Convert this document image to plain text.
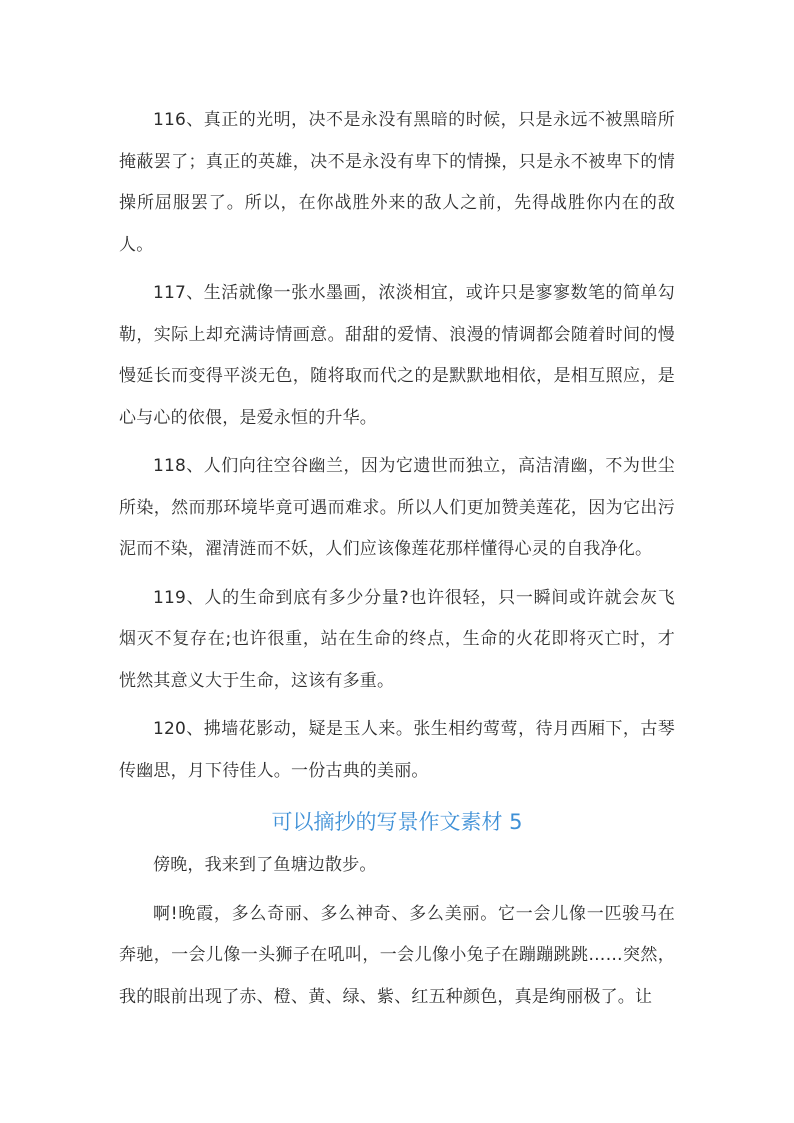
116、真正的光明，决不是永没有黑暗的时候，只是永远不被黑暗所掩蔽罢了；真正的英雄，决不是永没有卑下的情操，只是永不被卑下的情操所屈服罢了。所以，在你战胜外来的敌人之前，先得战胜你内在的敌人。

117、生活就像一张水墨画，浓淡相宜，或许只是寥寥数笔的简单勾勒，实际上却充满诗情画意。甜甜的爱情、浪漫的情调都会随着时间的慢慢延长而变得平淡无色，随将取而代之的是默默地相依，是相互照应，是心与心的依偎，是爱永恒的升华。

118、人们向往空谷幽兰，因为它遗世而独立，高洁清幽，不为世尘所染，然而那环境毕竟可遇而难求。所以人们更加赞美莲花，因为它出污泥而不染，濯清涟而不妖，人们应该像莲花那样懂得心灵的自我净化。

119、人的生命到底有多少分量?也许很轻，只一瞬间或许就会灰飞烟灭不复存在;也许很重，站在生命的终点，生命的火花即将灭亡时，才恍然其意义大于生命，这该有多重。

120、拂墙花影动，疑是玉人来。张生相约莺莺，待月西厢下，古琴传幽思，月下待佳人。一份古典的美丽。

可以摘抄的写景作文素材 5

傍晚，我来到了鱼塘边散步。

啊!晚霞，多么奇丽、多么神奇、多么美丽。它一会儿像一匹骏马在奔驰，一会儿像一头狮子在吼叫，一会儿像小兔子在蹦蹦跳跳……突然，我的眼前出现了赤、橙、黄、绿、紫、红五种颜色，真是绚丽极了。让
